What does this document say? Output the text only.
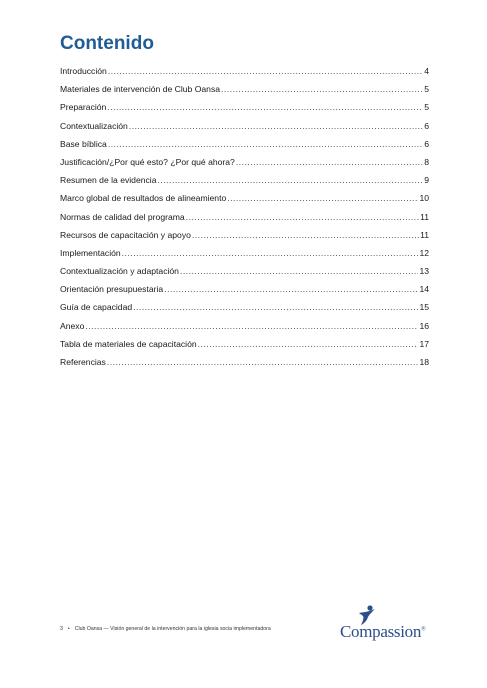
Contenido
Introducción .....	4
Materiales de intervención de Club Oansa .....	5
Preparación .....	5
Contextualización .....	6
Base bíblica .....	6
Justificación/¿Por qué esto? ¿Por qué ahora? .....	8
Resumen de la evidencia .....	9
Marco global de resultados de alineamiento .....	10
Normas de calidad del programa .....	11
Recursos de capacitación y apoyo .....	11
Implementación .....	12
Contextualización y adaptación .....	13
Orientación presupuestaria .....	14
Guía de capacidad .....	15
Anexo .....	16
Tabla de materiales de capacitación .....	17
Referencias .....	18
3 • Club Oansa — Visión general de la intervención para la iglesia socia implementadora	Compassion®
